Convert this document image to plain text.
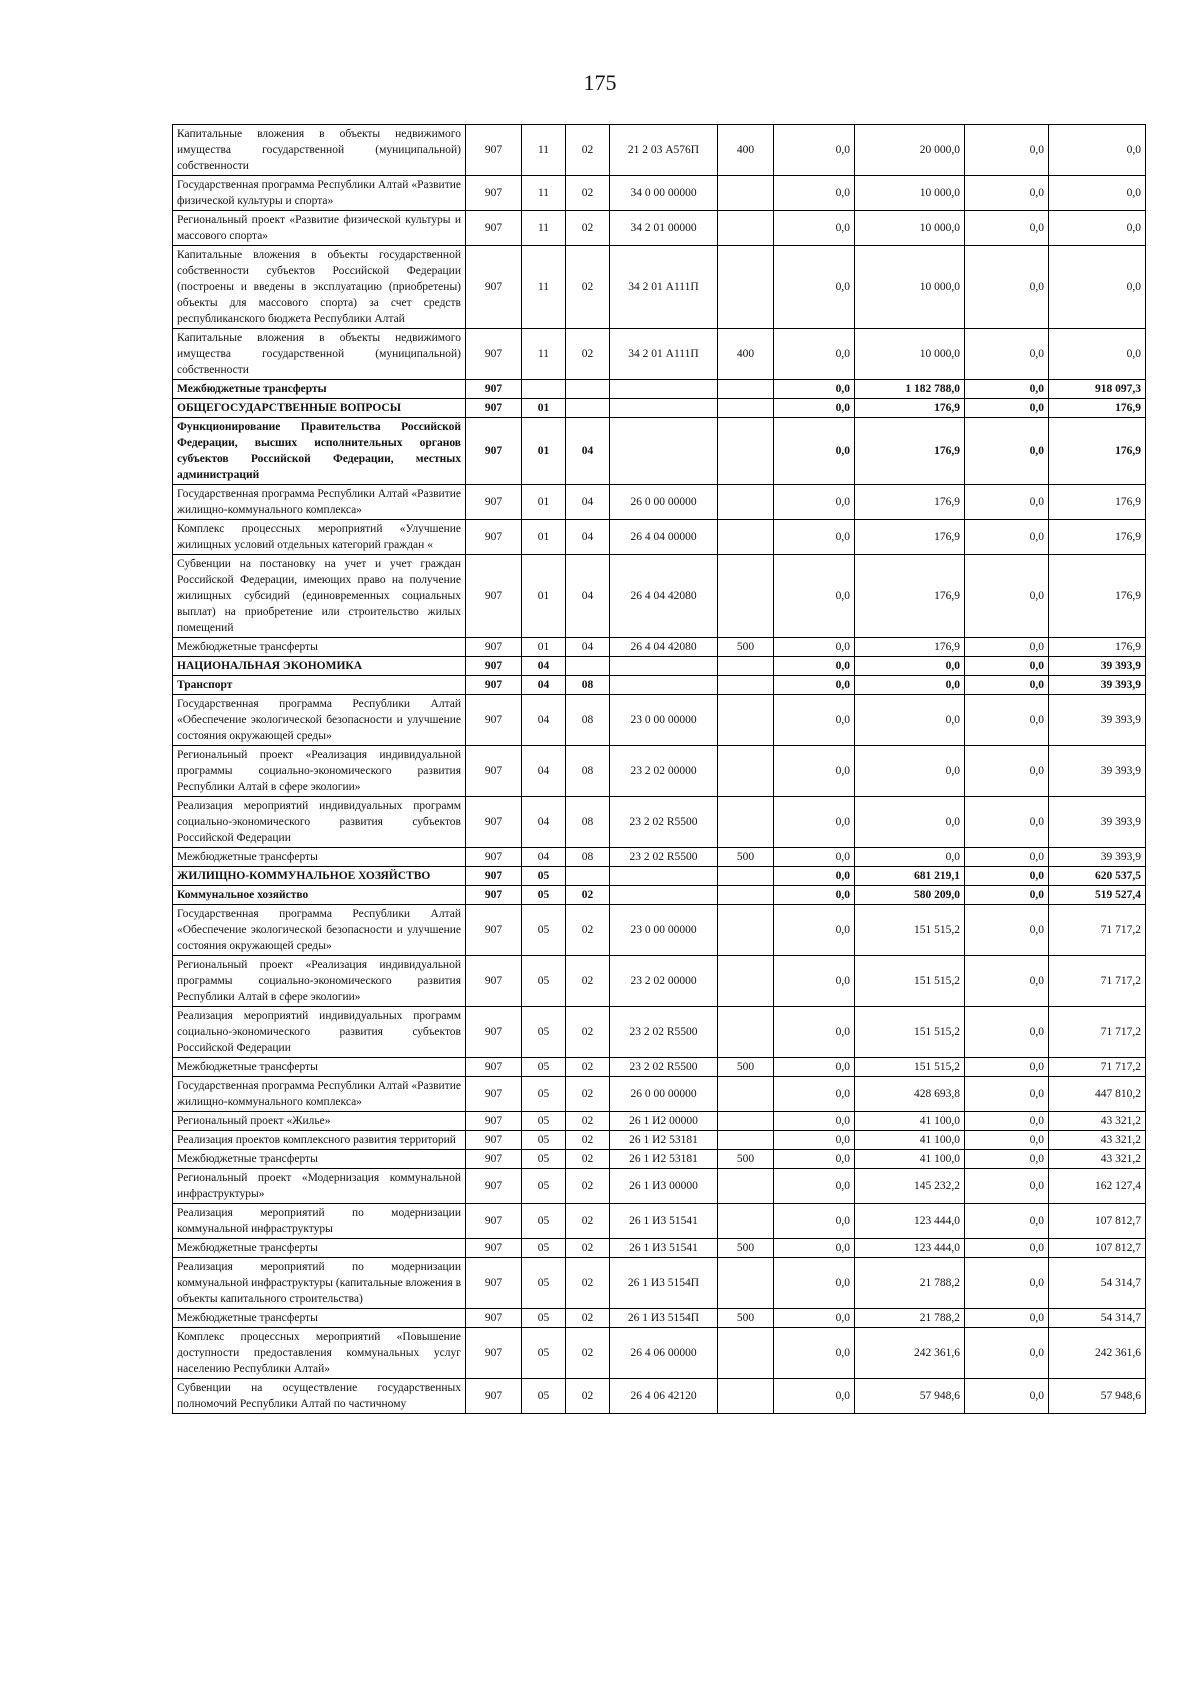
175
Капитальные вложения в объекты недвижимого имущества государственной (муниципальной) собственности	907	11	02	21 2 03 А576П	400	0,0	20 000,0	0,0	0,0
Государственная программа Республики Алтай «Развитие физической культуры и спорта»	907	11	02	34 0 00 00000		0,0	10 000,0	0,0	0,0
Региональный проект «Развитие физической культуры и массового спорта»	907	11	02	34 2 01 00000		0,0	10 000,0	0,0	0,0
Капитальные вложения в объекты государственной собственности субъектов Российской Федерации (построены и введены в эксплуатацию (приобретены) объекты для массового спорта) за счет средств республиканского бюджета Республики Алтай	907	11	02	34 2 01 А111П		0,0	10 000,0	0,0	0,0
Капитальные вложения в объекты недвижимого имущества государственной (муниципальной) собственности	907	11	02	34 2 01 А111П	400	0,0	10 000,0	0,0	0,0
Межбюджетные трансферты	907					0,0	1 182 788,0	0,0	918 097,3
ОБЩЕГОСУДАРСТВЕННЫЕ ВОПРОСЫ	907	01				0,0	176,9	0,0	176,9
Функционирование Правительства Российской Федерации, высших исполнительных органов субъектов Российской Федерации, местных администраций	907	01	04			0,0	176,9	0,0	176,9
Государственная программа Республики Алтай «Развитие жилищно-коммунального комплекса»	907	01	04	26 0 00 00000		0,0	176,9	0,0	176,9
Комплекс процессных мероприятий «Улучшение жилищных условий отдельных категорий граждан «	907	01	04	26 4 04 00000		0,0	176,9	0,0	176,9
Субвенции на постановку на учет и учет граждан Российской Федерации, имеющих право на получение жилищных субсидий (единовременных социальных выплат) на приобретение или строительство жилых помещений	907	01	04	26 4 04 42080		0,0	176,9	0,0	176,9
Межбюджетные трансферты	907	01	04	26 4 04 42080	500	0,0	176,9	0,0	176,9
НАЦИОНАЛЬНАЯ ЭКОНОМИКА	907	04				0,0	0,0	0,0	39 393,9
Транспорт	907	04	08			0,0	0,0	0,0	39 393,9
Государственная программа Республики Алтай «Обеспечение экологической безопасности и улучшение состояния окружающей среды»	907	04	08	23 0 00 00000		0,0	0,0	0,0	39 393,9
Региональный проект «Реализация индивидуальной программы социально-экономического развития Республики Алтай в сфере экологии»	907	04	08	23 2 02 00000		0,0	0,0	0,0	39 393,9
Реализация мероприятий индивидуальных программ социально-экономического развития субъектов Российской Федерации	907	04	08	23 2 02 R5500		0,0	0,0	0,0	39 393,9
Межбюджетные трансферты	907	04	08	23 2 02 R5500	500	0,0	0,0	0,0	39 393,9
ЖИЛИЩНО-КОММУНАЛЬНОЕ ХОЗЯЙСТВО	907	05				0,0	681 219,1	0,0	620 537,5
Коммунальное хозяйство	907	05	02			0,0	580 209,0	0,0	519 527,4
Государственная программа Республики Алтай «Обеспечение экологической безопасности и улучшение состояния окружающей среды»	907	05	02	23 0 00 00000		0,0	151 515,2	0,0	71 717,2
Региональный проект «Реализация индивидуальной программы социально-экономического развития Республики Алтай в сфере экологии»	907	05	02	23 2 02 00000		0,0	151 515,2	0,0	71 717,2
Реализация мероприятий индивидуальных программ социально-экономического развития субъектов Российской Федерации	907	05	02	23 2 02 R5500		0,0	151 515,2	0,0	71 717,2
Межбюджетные трансферты	907	05	02	23 2 02 R5500	500	0,0	151 515,2	0,0	71 717,2
Государственная программа Республики Алтай «Развитие жилищно-коммунального комплекса»	907	05	02	26 0 00 00000		0,0	428 693,8	0,0	447 810,2
Региональный проект «Жилье»	907	05	02	26 1 И2 00000		0,0	41 100,0	0,0	43 321,2
Реализация проектов комплексного развития территорий	907	05	02	26 1 И2 53181		0,0	41 100,0	0,0	43 321,2
Межбюджетные трансферты	907	05	02	26 1 И2 53181	500	0,0	41 100,0	0,0	43 321,2
Региональный проект «Модернизация коммунальной инфраструктуры»	907	05	02	26 1 И3 00000		0,0	145 232,2	0,0	162 127,4
Реализация мероприятий по модернизации коммунальной инфраструктуры	907	05	02	26 1 И3 51541		0,0	123 444,0	0,0	107 812,7
Межбюджетные трансферты	907	05	02	26 1 И3 51541	500	0,0	123 444,0	0,0	107 812,7
Реализация мероприятий по модернизации коммунальной инфраструктуры (капитальные вложения в объекты капитального строительства)	907	05	02	26 1 И3 5154П		0,0	21 788,2	0,0	54 314,7
Межбюджетные трансферты	907	05	02	26 1 И3 5154П	500	0,0	21 788,2	0,0	54 314,7
Комплекс процессных мероприятий «Повышение доступности предоставления коммунальных услуг населению Республики Алтай»	907	05	02	26 4 06 00000		0,0	242 361,6	0,0	242 361,6
Субвенции на осуществление государственных полномочий Республики Алтай по частичному	907	05	02	26 4 06 42120		0,0	57 948,6	0,0	57 948,6
